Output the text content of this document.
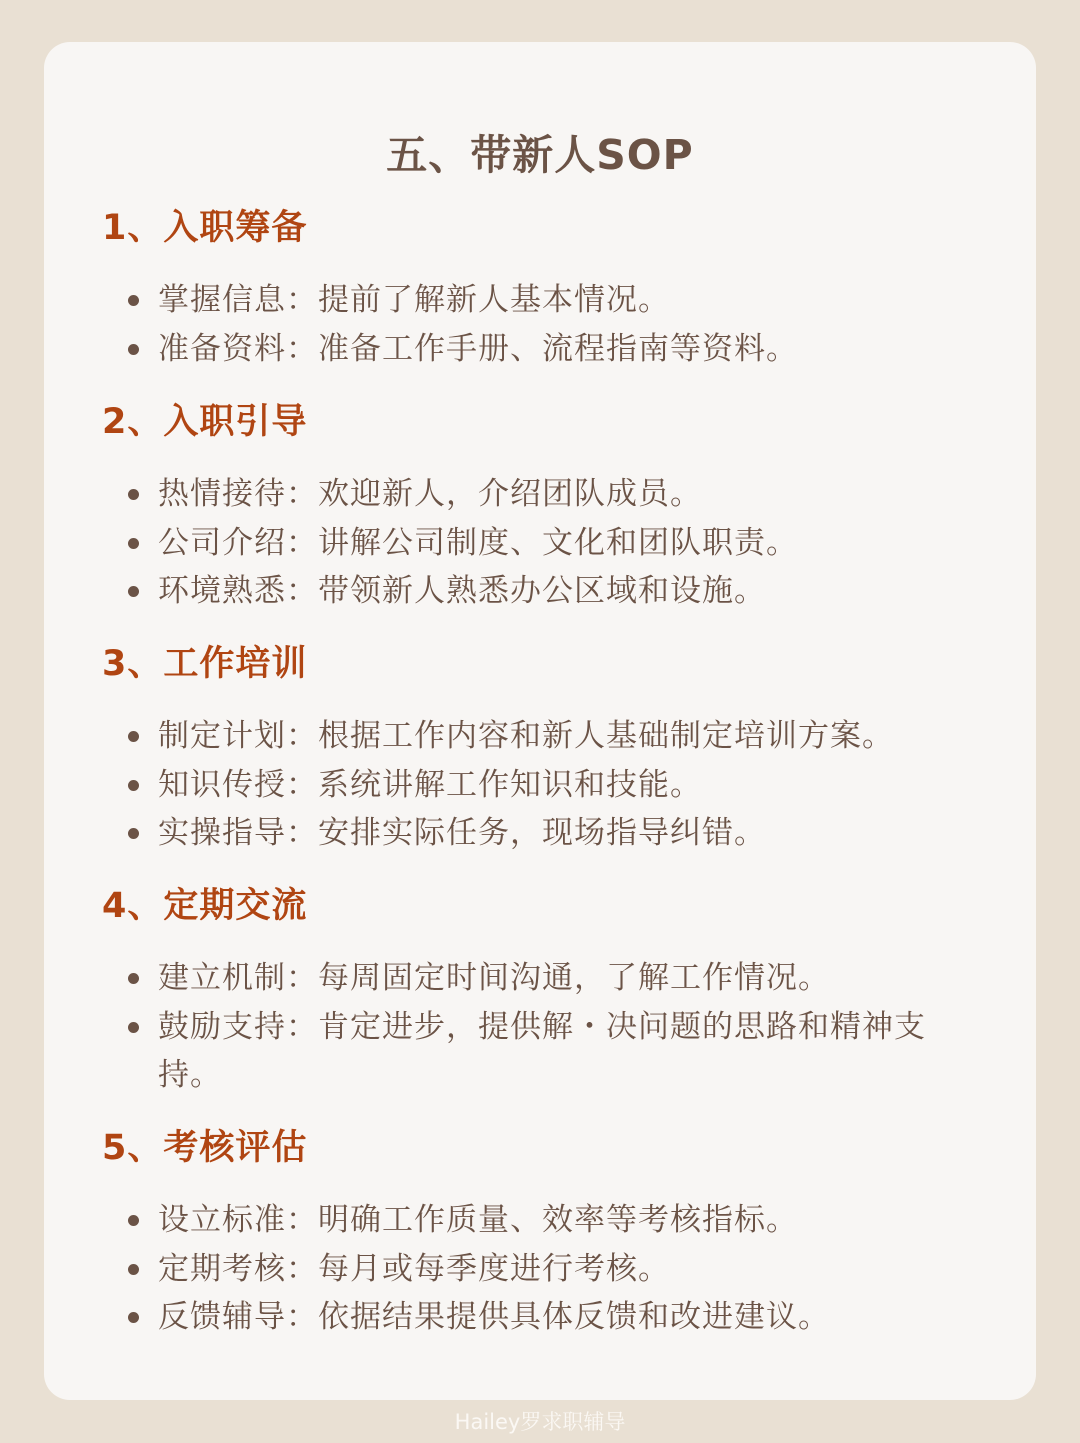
五、带新人SOP
1、入职筹备
掌握信息：提前了解新人基本情况。
准备资料：准备工作手册、流程指南等资料。
2、入职引导
热情接待：欢迎新人，介绍团队成员。
公司介绍：讲解公司制度、文化和团队职责。
环境熟悉：带领新人熟悉办公区域和设施。
3、工作培训
制定计划：根据工作内容和新人基础制定培训方案。
知识传授：系统讲解工作知识和技能。
实操指导：安排实际任务，现场指导纠错。
4、定期交流
建立机制：每周固定时间沟通，了解工作情况。
鼓励支持：肯定进步，提供解・决问题的思路和精神支持。
5、考核评估
设立标准：明确工作质量、效率等考核指标。
定期考核：每月或每季度进行考核。
反馈辅导：依据结果提供具体反馈和改进建议。
Hailey罗求职辅导
